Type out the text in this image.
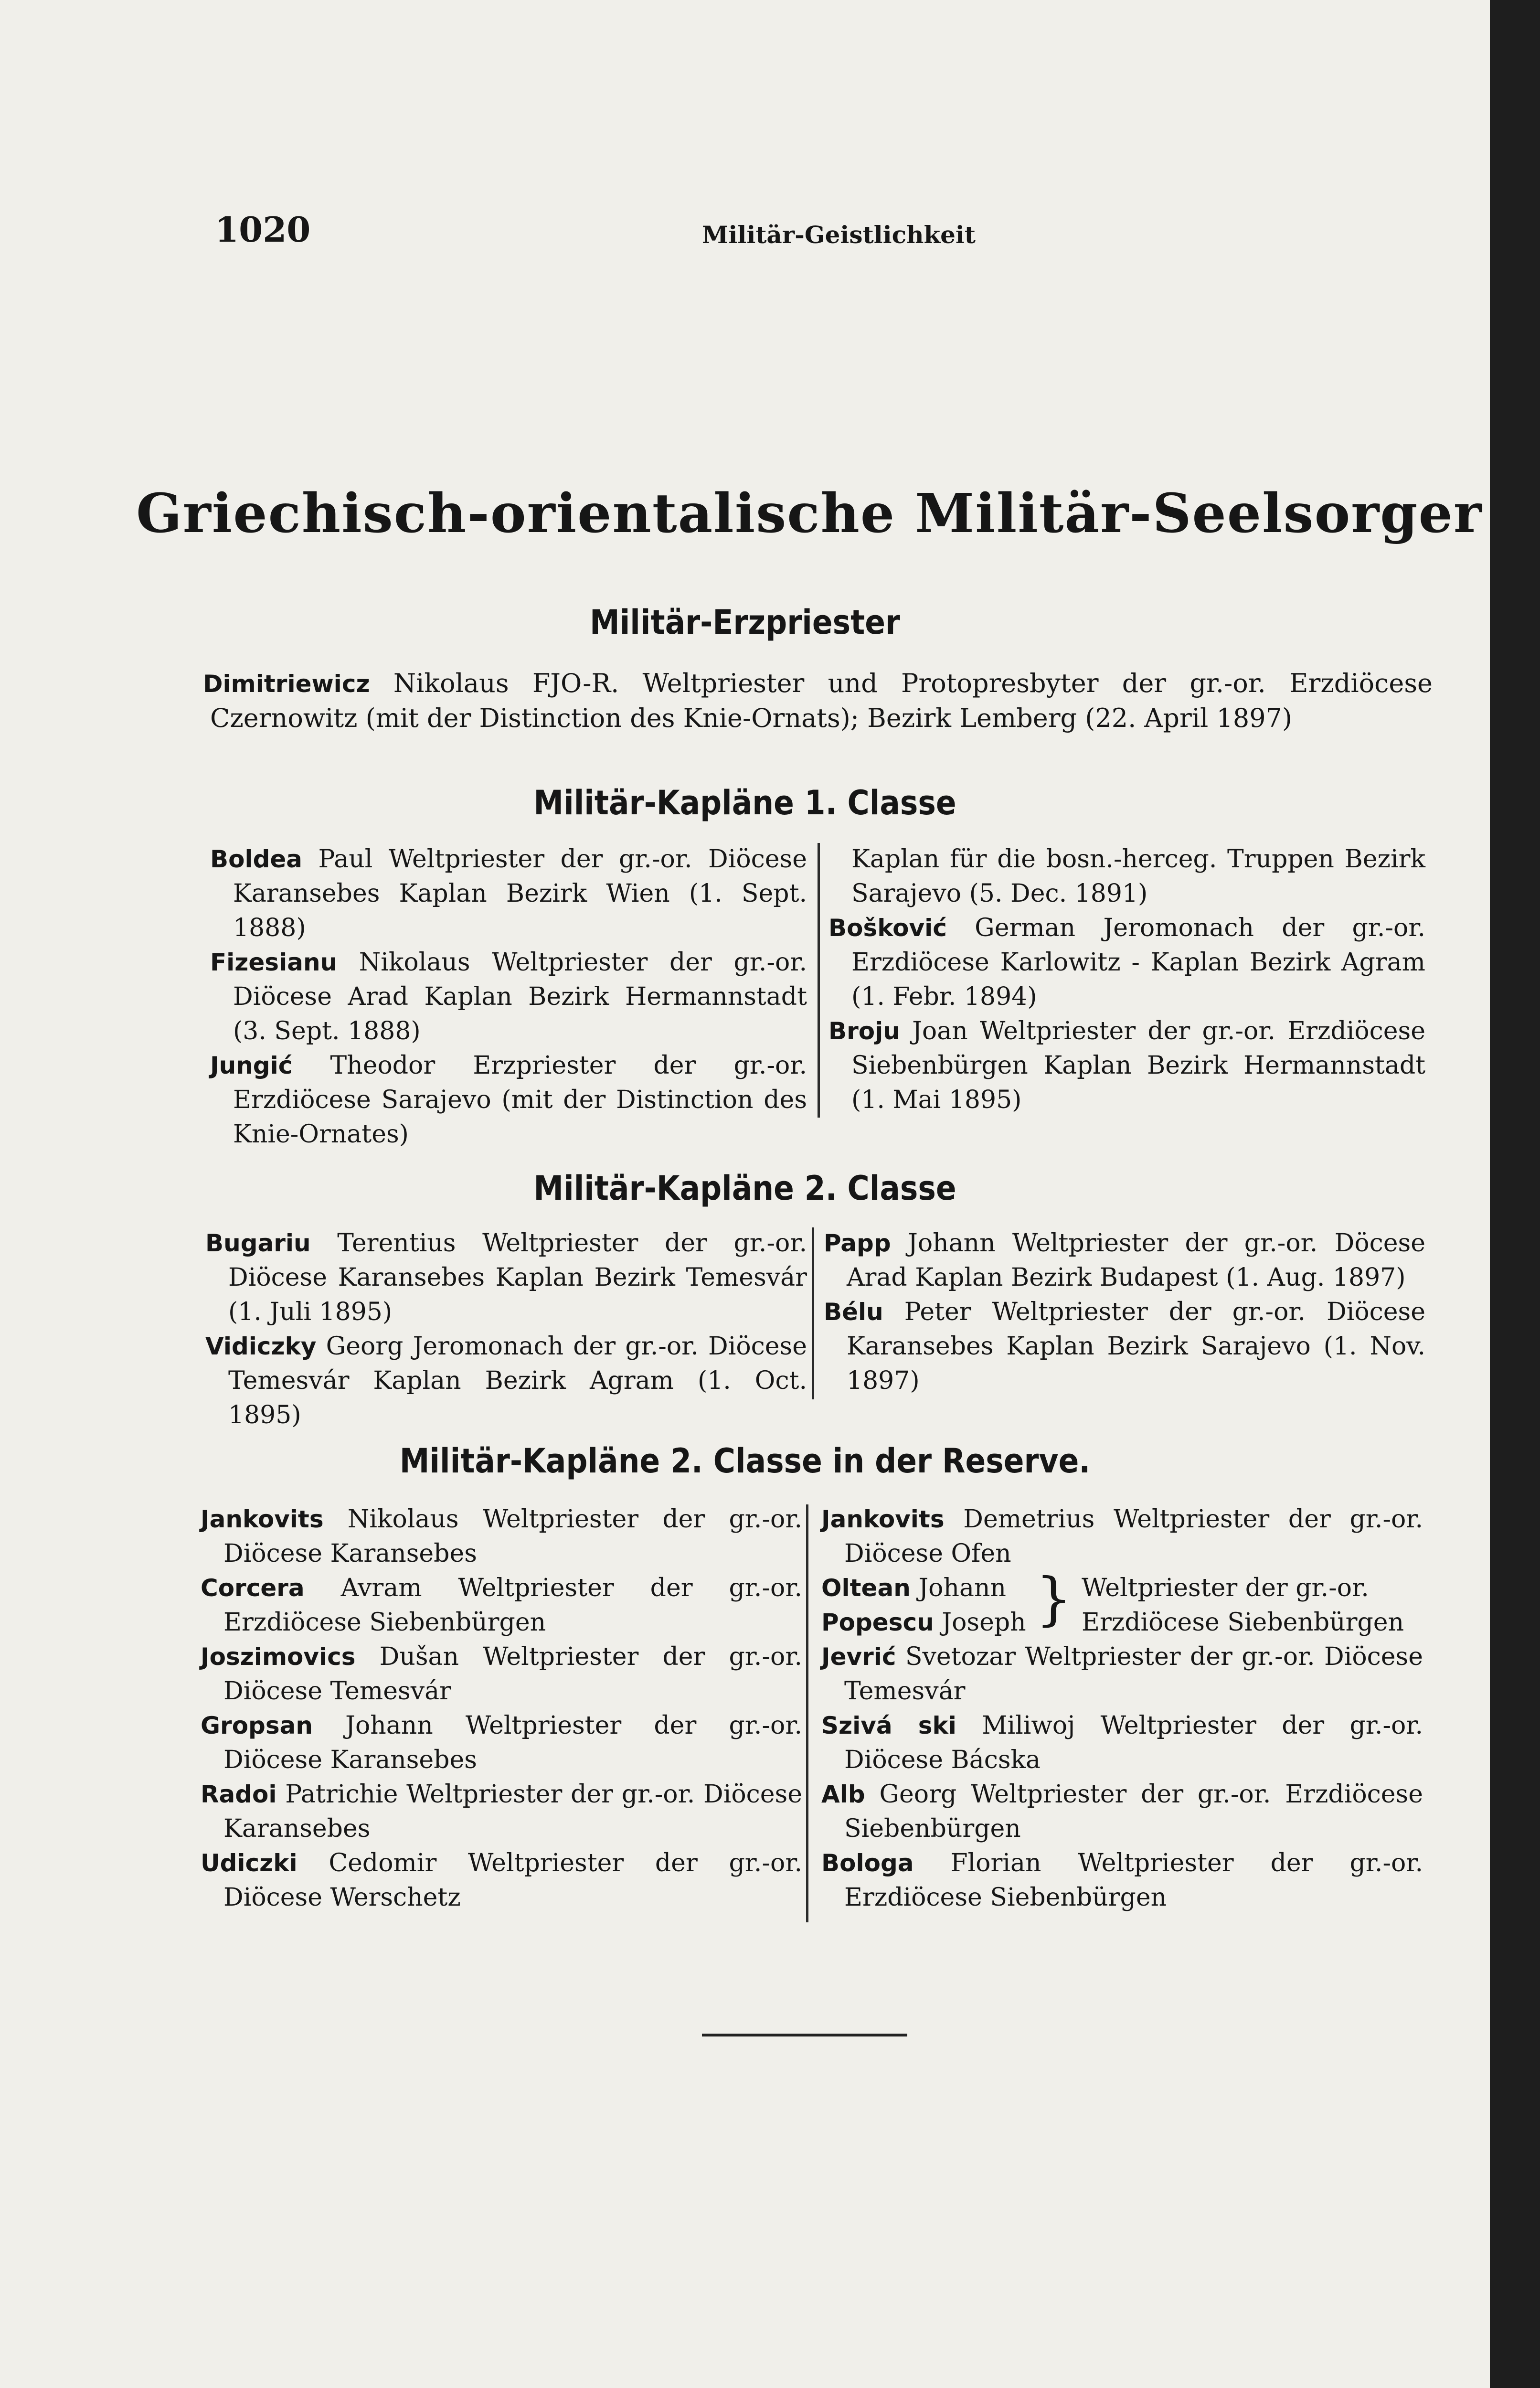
1020	Militär-Geistlichkeit
Griechisch-orientalische Militär-Seelsorger
Militär-Erzpriester
Dimitriewicz Nikolaus FJO-R. Weltpriester und Protopresbyter der gr.-or. Erzdiöcese Czernowitz (mit der Distinction des Knie-Ornats); Bezirk Lemberg (22. April 1897)
Militär-Kapläne 1. Classe
Boldea Paul Weltpriester der gr.-or. Diöcese Karansebes Kaplan Bezirk Wien (1. Sept. 1888)
Fizesianu Nikolaus Weltpriester der gr.-or. Diöcese Arad Kaplan Bezirk Hermannstadt (3. Sept. 1888)
Jungić Theodor Erzpriester der gr.-or. Erzdiöcese Sarajevo (mit der Distinction des Knie-Ornates)
Kaplan für die bosn.-herceg. Truppen Bezirk Sarajevo (5. Dec. 1891)
Bošković German Jeromonach der gr.-or. Erzdiöcese Karlowitz - Kaplan Bezirk Agram (1. Febr. 1894)
Broju Joan Weltpriester der gr.-or. Erzdiöcese Siebenbürgen Kaplan Bezirk Hermannstadt (1. Mai 1895)
Militär-Kapläne 2. Classe
Bugariu Terentius Weltpriester der gr.-or. Diöcese Karansebes Kaplan Bezirk Temesvár (1. Juli 1895)
Vidiczky Georg Jeromonach der gr.-or. Diöcese Temesvár Kaplan Bezirk Agram (1. Oct. 1895)
Papp Johann Weltpriester der gr.-or. Döcese Arad Kaplan Bezirk Budapest (1. Aug. 1897)
Bélu Peter Weltpriester der gr.-or. Diöcese Karansebes Kaplan Bezirk Sarajevo (1. Nov. 1897)
Militär-Kapläne 2. Classe in der Reserve.
Jankovits Nikolaus Weltpriester der gr.-or. Diöcese Karansebes
Corcera Avram Weltpriester der gr.-or. Erzdiöcese Siebenbürgen
Joszimovics Dušan Weltpriester der gr.-or. Diöcese Temesvár
Gropsan Johann Weltpriester der gr.-or. Diöcese Karansebes
Radoi Patrichie Weltpriester der gr.-or. Diöcese Karansebes
Udiczki Cedomir Weltpriester der gr.-or. Diöcese Werschetz
Jankovits Demetrius Weltpriester der gr.-or. Diöcese Ofen
Oltean Johann
Popescu Joseph } Weltpriester der gr.-or. Erzdiöcese Siebenbürgen
Jevrić Svetozar Weltpriester der gr.-or. Diöcese Temesvár
Szivá ski Miliwoj Weltpriester der gr.-or. Diöcese Bácska
Alb Georg Weltpriester der gr.-or. Erzdiöcese Siebenbürgen
Bologa Florian Weltpriester der gr.-or. Erzdiöcese Siebenbürgen
